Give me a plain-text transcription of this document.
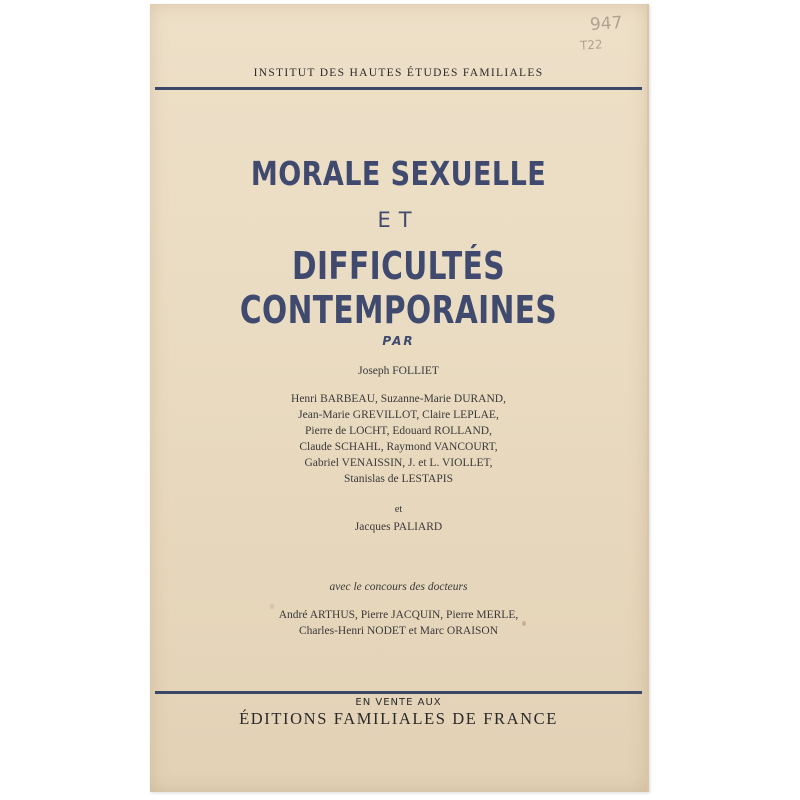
947
T22
INSTITUT DES HAUTES ÉTUDES FAMILIALES
MORALE SEXUELLE
ET
DIFFICULTÉS CONTEMPORAINES
PAR
Joseph FOLLIET
Henri BARBEAU, Suzanne-Marie DURAND,
Jean-Marie GREVILLOT, Claire LEPLAE,
Pierre de LOCHT, Edouard ROLLAND,
Claude SCHAHL, Raymond VANCOURT,
Gabriel VENAISSIN, J. et L. VIOLLET,
Stanislas de LESTAPIS
et
Jacques PALIARD
avec le concours des docteurs
André ARTHUS, Pierre JACQUIN, Pierre MERLE,
Charles-Henri NODET et Marc ORAISON
EN VENTE AUX
ÉDITIONS FAMILIALES DE FRANCE
